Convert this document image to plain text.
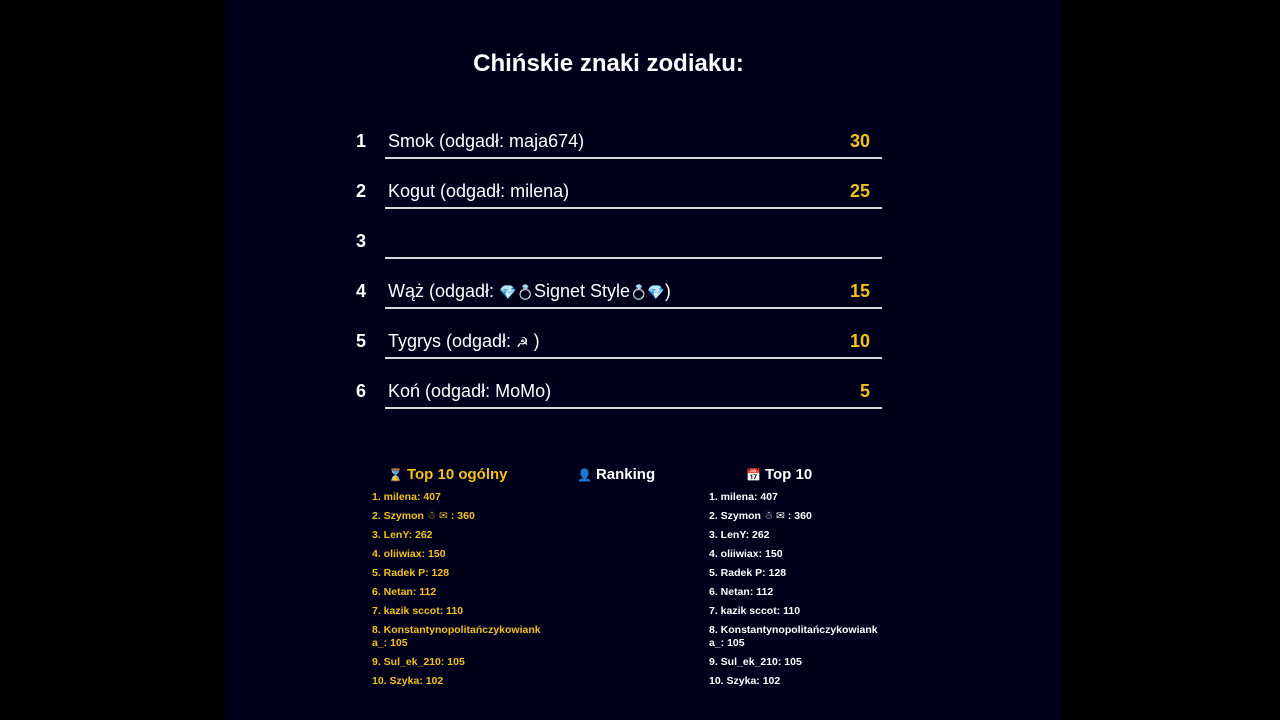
Chińskie znaki zodiaku:
1	Smok (odgadł: maja674)	30
2	Kogut (odgadł: milena)	25
3
4	Wąż (odgadł: 💎💍Signet Style💍💎)	15
5	Tygrys (odgadł: ☭ )	10
6	Koń (odgadł: MoMo)	5
⌛ Top 10 ogólny
1. milena: 407
2. Szymon ☃ ✉ : 360
3. LenY: 262
4. oliiwiax: 150
5. Radek P: 128
6. Netan: 112
7. kazik sccot: 110
8. Konstantynopolitańczykowianka_: 105
9. Sul_ek_210: 105
10. Szyka: 102
👤 Ranking	📅 Top 10
1. milena: 407
2. Szymon ☃ ✉ : 360
3. LenY: 262
4. oliiwiax: 150
5. Radek P: 128
6. Netan: 112
7. kazik sccot: 110
8. Konstantynopolitańczykowianka_: 105
9. Sul_ek_210: 105
10. Szyka: 102
